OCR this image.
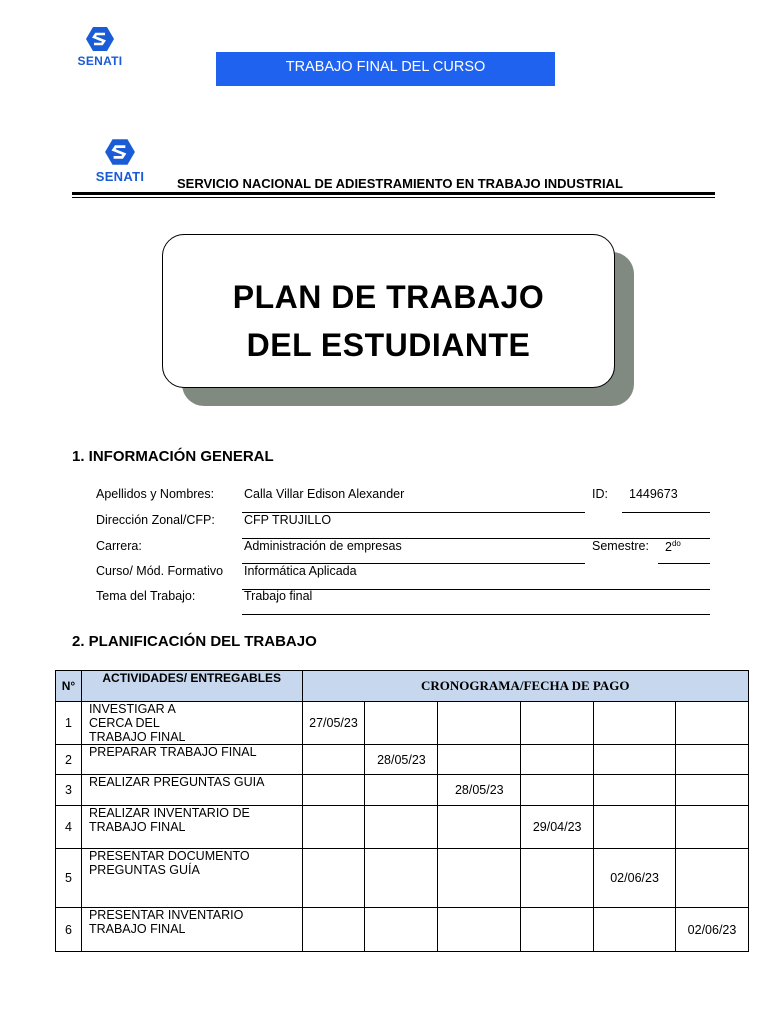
SENATI	TRABAJO FINAL DEL CURSO
SENATI	SERVICIO NACIONAL DE ADIESTRAMIENTO EN TRABAJO INDUSTRIAL
PLAN DE TRABAJO
DEL ESTUDIANTE
1. INFORMACIÓN GENERAL
Apellidos y Nombres: Calla Villar Edison Alexander	ID: 1449673
Dirección Zonal/CFP: CFP TRUJILLO
Carrera:	Administración de empresas	Semestre: $2^{do}$
Curso/ Mód. Formativo Informática Aplicada
Tema del Trabajo:	Trabajo final
2. PLANIFICACIÓN DEL TRABAJO
N°	ACTIVIDADES/ ENTREGABLES	CRONOGRAMA/FECHA DE PAGO					
1	INVESTIGAR A
CERCA DEL
TRABAJO FINAL	27/05/23					
2	PREPARAR TRABAJO FINAL		28/05/23				
3	REALIZAR PREGUNTAS GUIA			28/05/23			
4	REALIZAR INVENTARIO DE
TRABAJO FINAL				29/04/23		
5	PRESENTAR DOCUMENTO
PREGUNTAS GUÍA					02/06/23	
6	PRESENTAR INVENTARIO
TRABAJO FINAL						02/06/23
